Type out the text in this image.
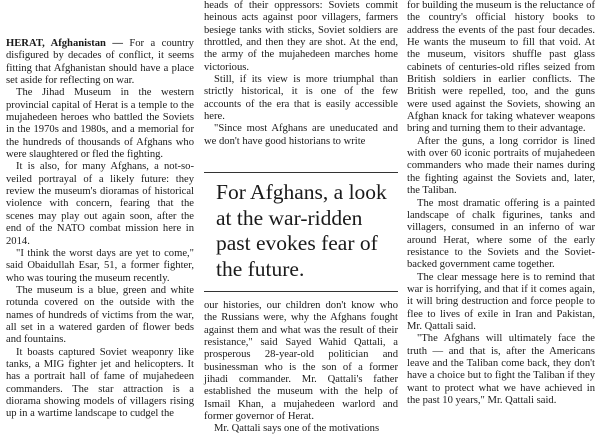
HERAT, Afghanistan — For a country disfigured by decades of conflict, it seems fitting that Afghanistan should have a place set aside for reflecting on war.

The Jihad Museum in the western provincial capital of Herat is a temple to the mujahedeen heroes who battled the Soviets in the 1970s and 1980s, and a memorial for the hundreds of thousands of Afghans who were slaughtered or fled the fighting.

It is also, for many Afghans, a not-so-veiled portrayal of a likely future: they review the museum's dioramas of historical violence with concern, fearing that the scenes may play out again soon, after the end of the NATO combat mission here in 2014.

"I think the worst days are yet to come," said Obaidullah Esar, 51, a former fighter, who was touring the museum recently.

The museum is a blue, green and white rotunda covered on the outside with the names of hundreds of victims from the war, all set in a watered garden of flower beds and fountains.

It boasts captured Soviet weaponry like tanks, a MIG fighter jet and helicopters. It has a portrait hall of fame of mujahedeen commanders. The star attraction is a diorama showing models of villagers rising up in a wartime landscape to cudgel the

heads of their oppressors: Soviets commit heinous acts against poor villagers, farmers besiege tanks with sticks, Soviet soldiers are throttled, and then they are shot. At the end, the army of the mujahedeen marches home victorious.

Still, if its view is more triumphal than strictly historical, it is one of the few accounts of the era that is easily accessible here.

"Since most Afghans are uneducated and we don't have good historians to write

For Afghans, a look at the war-ridden past evokes fear of the future.

our histories, our children don't know who the Russians were, why the Afghans fought against them and what was the result of their resistance," said Sayed Wahid Qattali, a prosperous 28-year-old politician and businessman who is the son of a former jihadi commander. Mr. Qattali's father established the museum with the help of Ismail Khan, a mujahedeen warlord and former governor of Herat.

Mr. Qattali says one of the motivations

for building the museum is the reluctance of the country's official history books to address the events of the past four decades. He wants the museum to fill that void. At the museum, visitors shuffle past glass cabinets of centuries-old rifles seized from British soldiers in earlier conflicts. The British were repelled, too, and the guns were used against the Soviets, showing an Afghan knack for taking whatever weapons bring and turning them to their advantage.

After the guns, a long corridor is lined with over 60 iconic portraits of mujahedeen commanders who made their names during the fighting against the Soviets and, later, the Taliban.

The most dramatic offering is a painted landscape of chalk figurines, tanks and villagers, consumed in an inferno of war around Herat, where some of the early resistance to the Soviets and the Soviet-backed government came together.

The clear message here is to remind that war is horrifying, and that if it comes again, it will bring destruction and force people to flee to lives of exile in Iran and Pakistan, Mr. Qattali said.

"The Afghans will ultimately face the truth — and that is, after the Americans leave and the Taliban come back, they don't have a choice but to fight the Taliban if they want to protect what we have achieved in the past 10 years," Mr. Qattali said.
